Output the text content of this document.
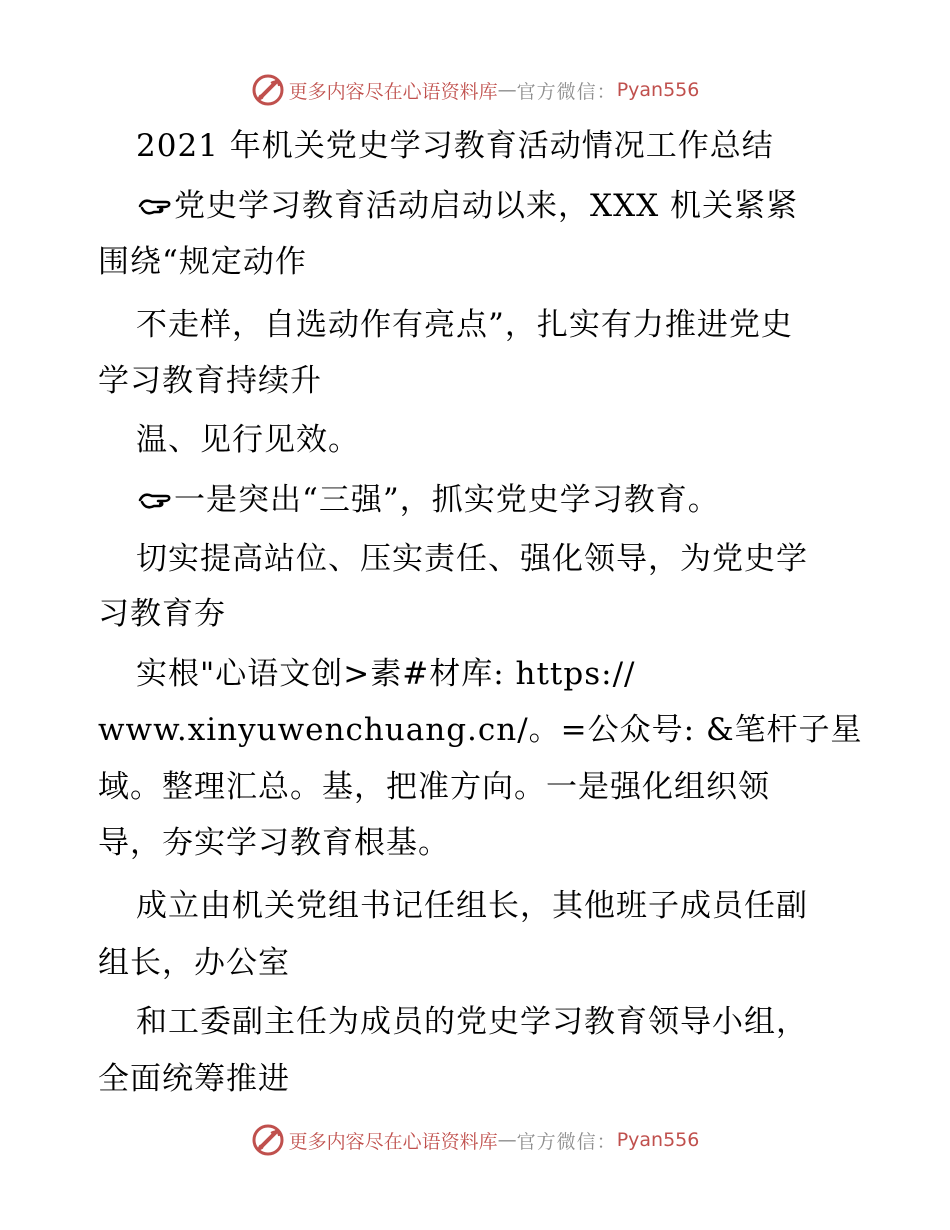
更多内容尽在心语资料库 — 官方微信： Pyan556
2021 年机关党史学习教育活动情况工作总结
党史学习教育活动启动以来，XXX 机关紧紧
围绕“规定动作
不走样，自选动作有亮点”，扎实有力推进党史
学习教育持续升
温、见行见效。
一是突出“三强”，抓实党史学习教育。
切实提高站位、压实责任、强化领导，为党史学
习教育夯
实根"心语文创>素#材库: https://
www.xinyuwenchuang.cn/。=公众号: &笔杆子星
域。整理汇总。基，把准方向。一是强化组织领
导，夯实学习教育根基。
成立由机关党组书记任组长，其他班子成员任副
组长，办公室
和工委副主任为成员的党史学习教育领导小组，
全面统筹推进
更多内容尽在心语资料库 — 官方微信： Pyan556
